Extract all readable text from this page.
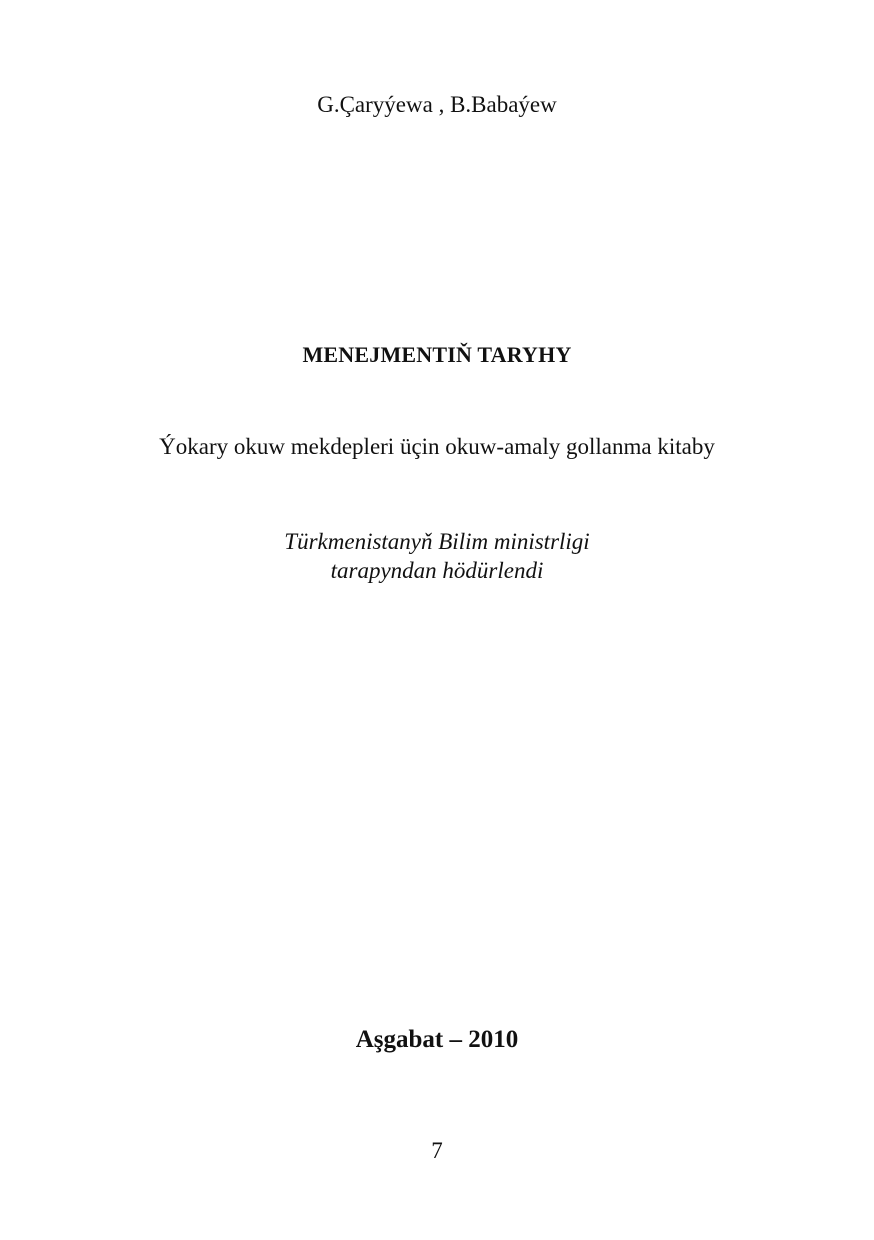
G.Çaryýewa , B.Babaýew
MENEJMENTIŇ TARYHY
Ýokary okuw mekdepleri üçin okuw-amaly gollanma kitaby
Türkmenistanyň Bilim ministrligi
tarapyndan hödürlendi
Aşgabat – 2010
7
